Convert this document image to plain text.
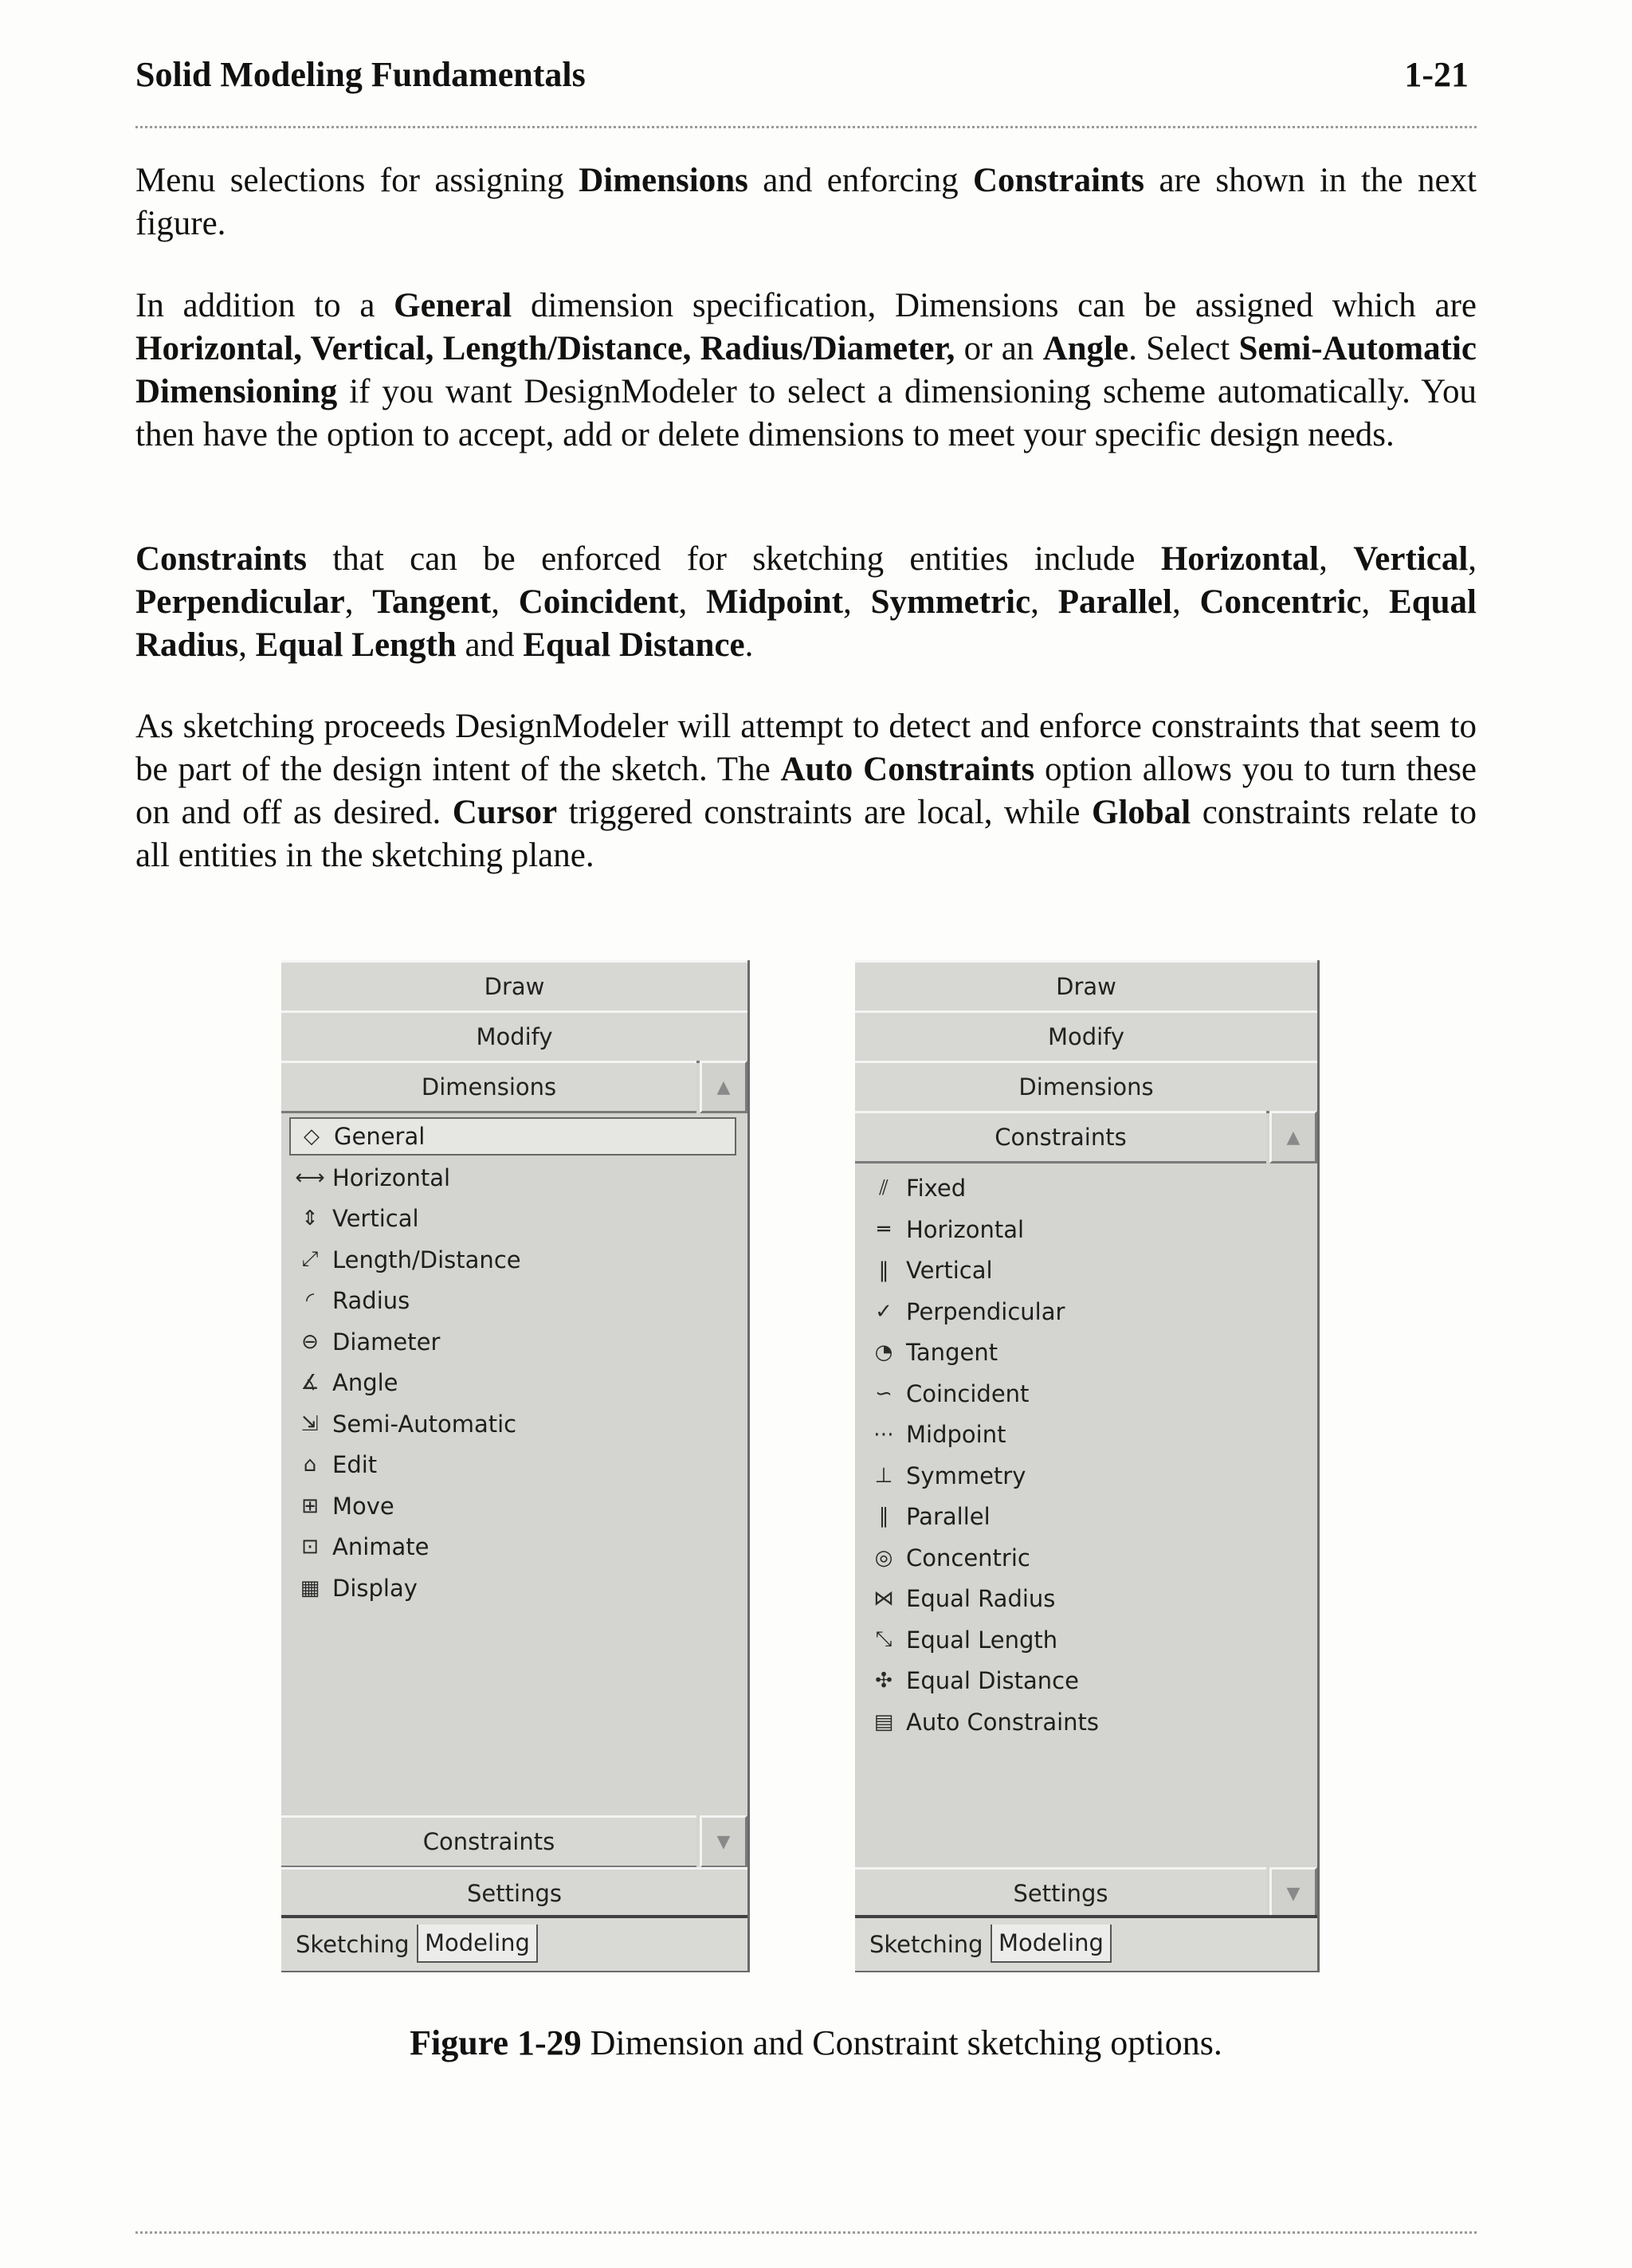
Solid Modeling Fundamentals	1-21

Menu selections for assigning Dimensions and enforcing Constraints are shown in the next figure.

In addition to a General dimension specification, Dimensions can be assigned which are Horizontal, Vertical, Length/Distance, Radius/Diameter, or an Angle. Select Semi-Automatic Dimensioning if you want DesignModeler to select a dimensioning scheme automatically. You then have the option to accept, add or delete dimensions to meet your specific design needs.

Constraints that can be enforced for sketching entities include Horizontal, Vertical, Perpendicular, Tangent, Coincident, Midpoint, Symmetric, Parallel, Concentric, Equal Radius, Equal Length and Equal Distance.

As sketching proceeds DesignModeler will attempt to detect and enforce constraints that seem to be part of the design intent of the sketch. The Auto Constraints option allows you to turn these on and off as desired. Cursor triggered constraints are local, while Global constraints relate to all entities in the sketching plane.

Draw
Modify
Dimensions	▲
◇ General
⟷ Horizontal
⇕ Vertical
⤢ Length/Distance
◜ Radius
⊖ Diameter
∡ Angle
⇲ Semi-Automatic
⌂ Edit
⊞ Move
⊡ Animate
▦ Display
Constraints	▼
Settings
Sketching Modeling
Draw
Modify
Dimensions
Constraints	▲
⫽ Fixed
═ Horizontal
‖ Vertical
✓ Perpendicular
◔ Tangent
∽ Coincident
⋯ Midpoint
⊥ Symmetry
∥ Parallel
◎ Concentric
⋈ Equal Radius
⤡ Equal Length
✣ Equal Distance
▤ Auto Constraints
Settings	▼
Sketching Modeling
Figure 1-29 Dimension and Constraint sketching options.
